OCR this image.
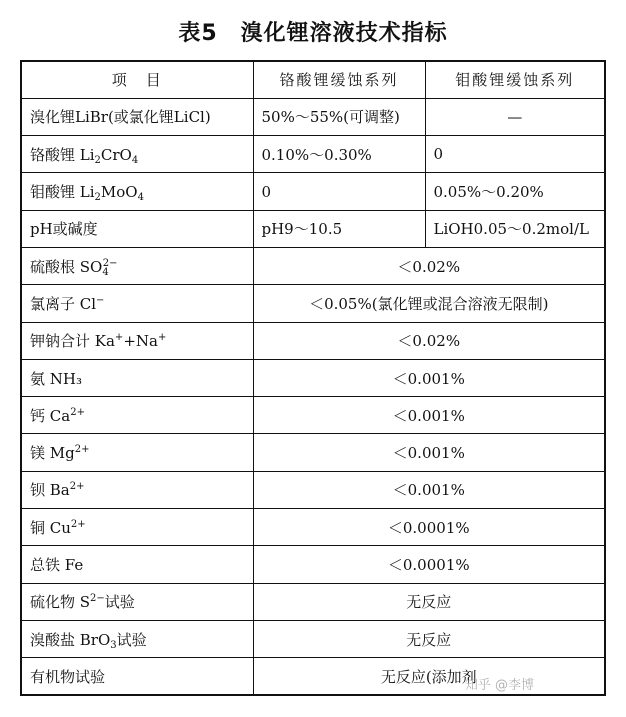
表5　溴化锂溶液技术指标
项　目	铬酸锂缓蚀系列	钼酸锂缓蚀系列
溴化锂LiBr(或氯化锂LiCl)	50%～55%(可调整)	—
铬酸锂 $Li_2CrO_4$	0.10%～0.30%	0
钼酸锂 $Li_2MoO_4$	0	0.05%～0.20%
pH或碱度	pH9～10.5	LiOH0.05～0.2mol/L
硫酸根 $SO_4^{2-}$	＜0.02%	
氯离子 Cl−	＜0.05%(氯化锂或混合溶液无限制)	
钾钠合计 Ka++Na+	＜0.02%	
氨 NH₃	＜0.001%	
钙 $Ca^{2+}$	＜0.001%	
镁 $Mg^{2+}$	＜0.001%	
钡 $Ba^{2+}$	＜0.001%	
铜 $Cu^{2+}$	＜0.0001%	
总铁 Fe	＜0.0001%	
硫化物 $S^{2-}$试验	无反应	
溴酸盐 BrO$_3$试验	无反应	
有机物试验	无反应(添加剂	
知乎 @李博
